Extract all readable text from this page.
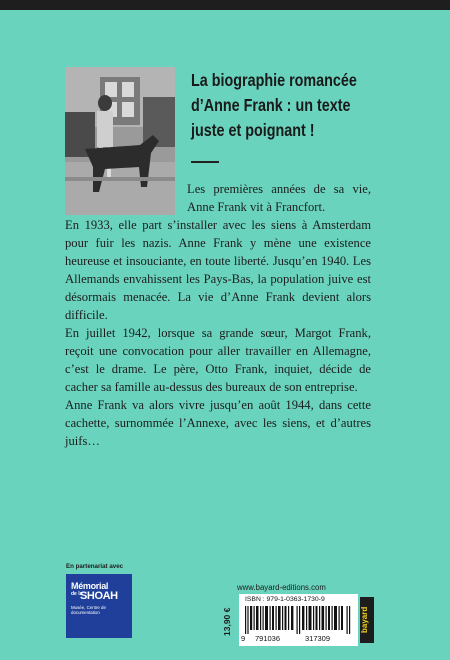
La biographie romancée
d’Anne Frank : un texte
juste et poignant !

Les premières années de sa vie, Anne Frank vit à Francfort.

En 1933, elle part s’installer avec les siens à Amsterdam pour fuir les nazis. Anne Frank y mène une existence heureuse et insouciante, en toute liberté. Jusqu’en 1940. Les Allemands envahissent les Pays-Bas, la population juive est désormais menacée. La vie d’Anne Frank devient alors difficile.

En juillet 1942, lorsque sa grande sœur, Margot Frank, reçoit une convocation pour aller travailler en Allemagne, c’est le drame. Le père, Otto Frank, inquiet, décide de cacher sa famille au-dessus des bureaux de son entreprise.

Anne Frank va alors vivre jusqu’en août 1944, dans cette cachette, surnommée l’Annexe, avec les siens, et d’autres juifs…

En partenariat avec
Mémorial
de la
SHOAH
Musée, Centre de documentation
www.bayard-editions.com
13,90 €
ISBN : 979-1-0363-1730-9
9 791036	317309
bayard
